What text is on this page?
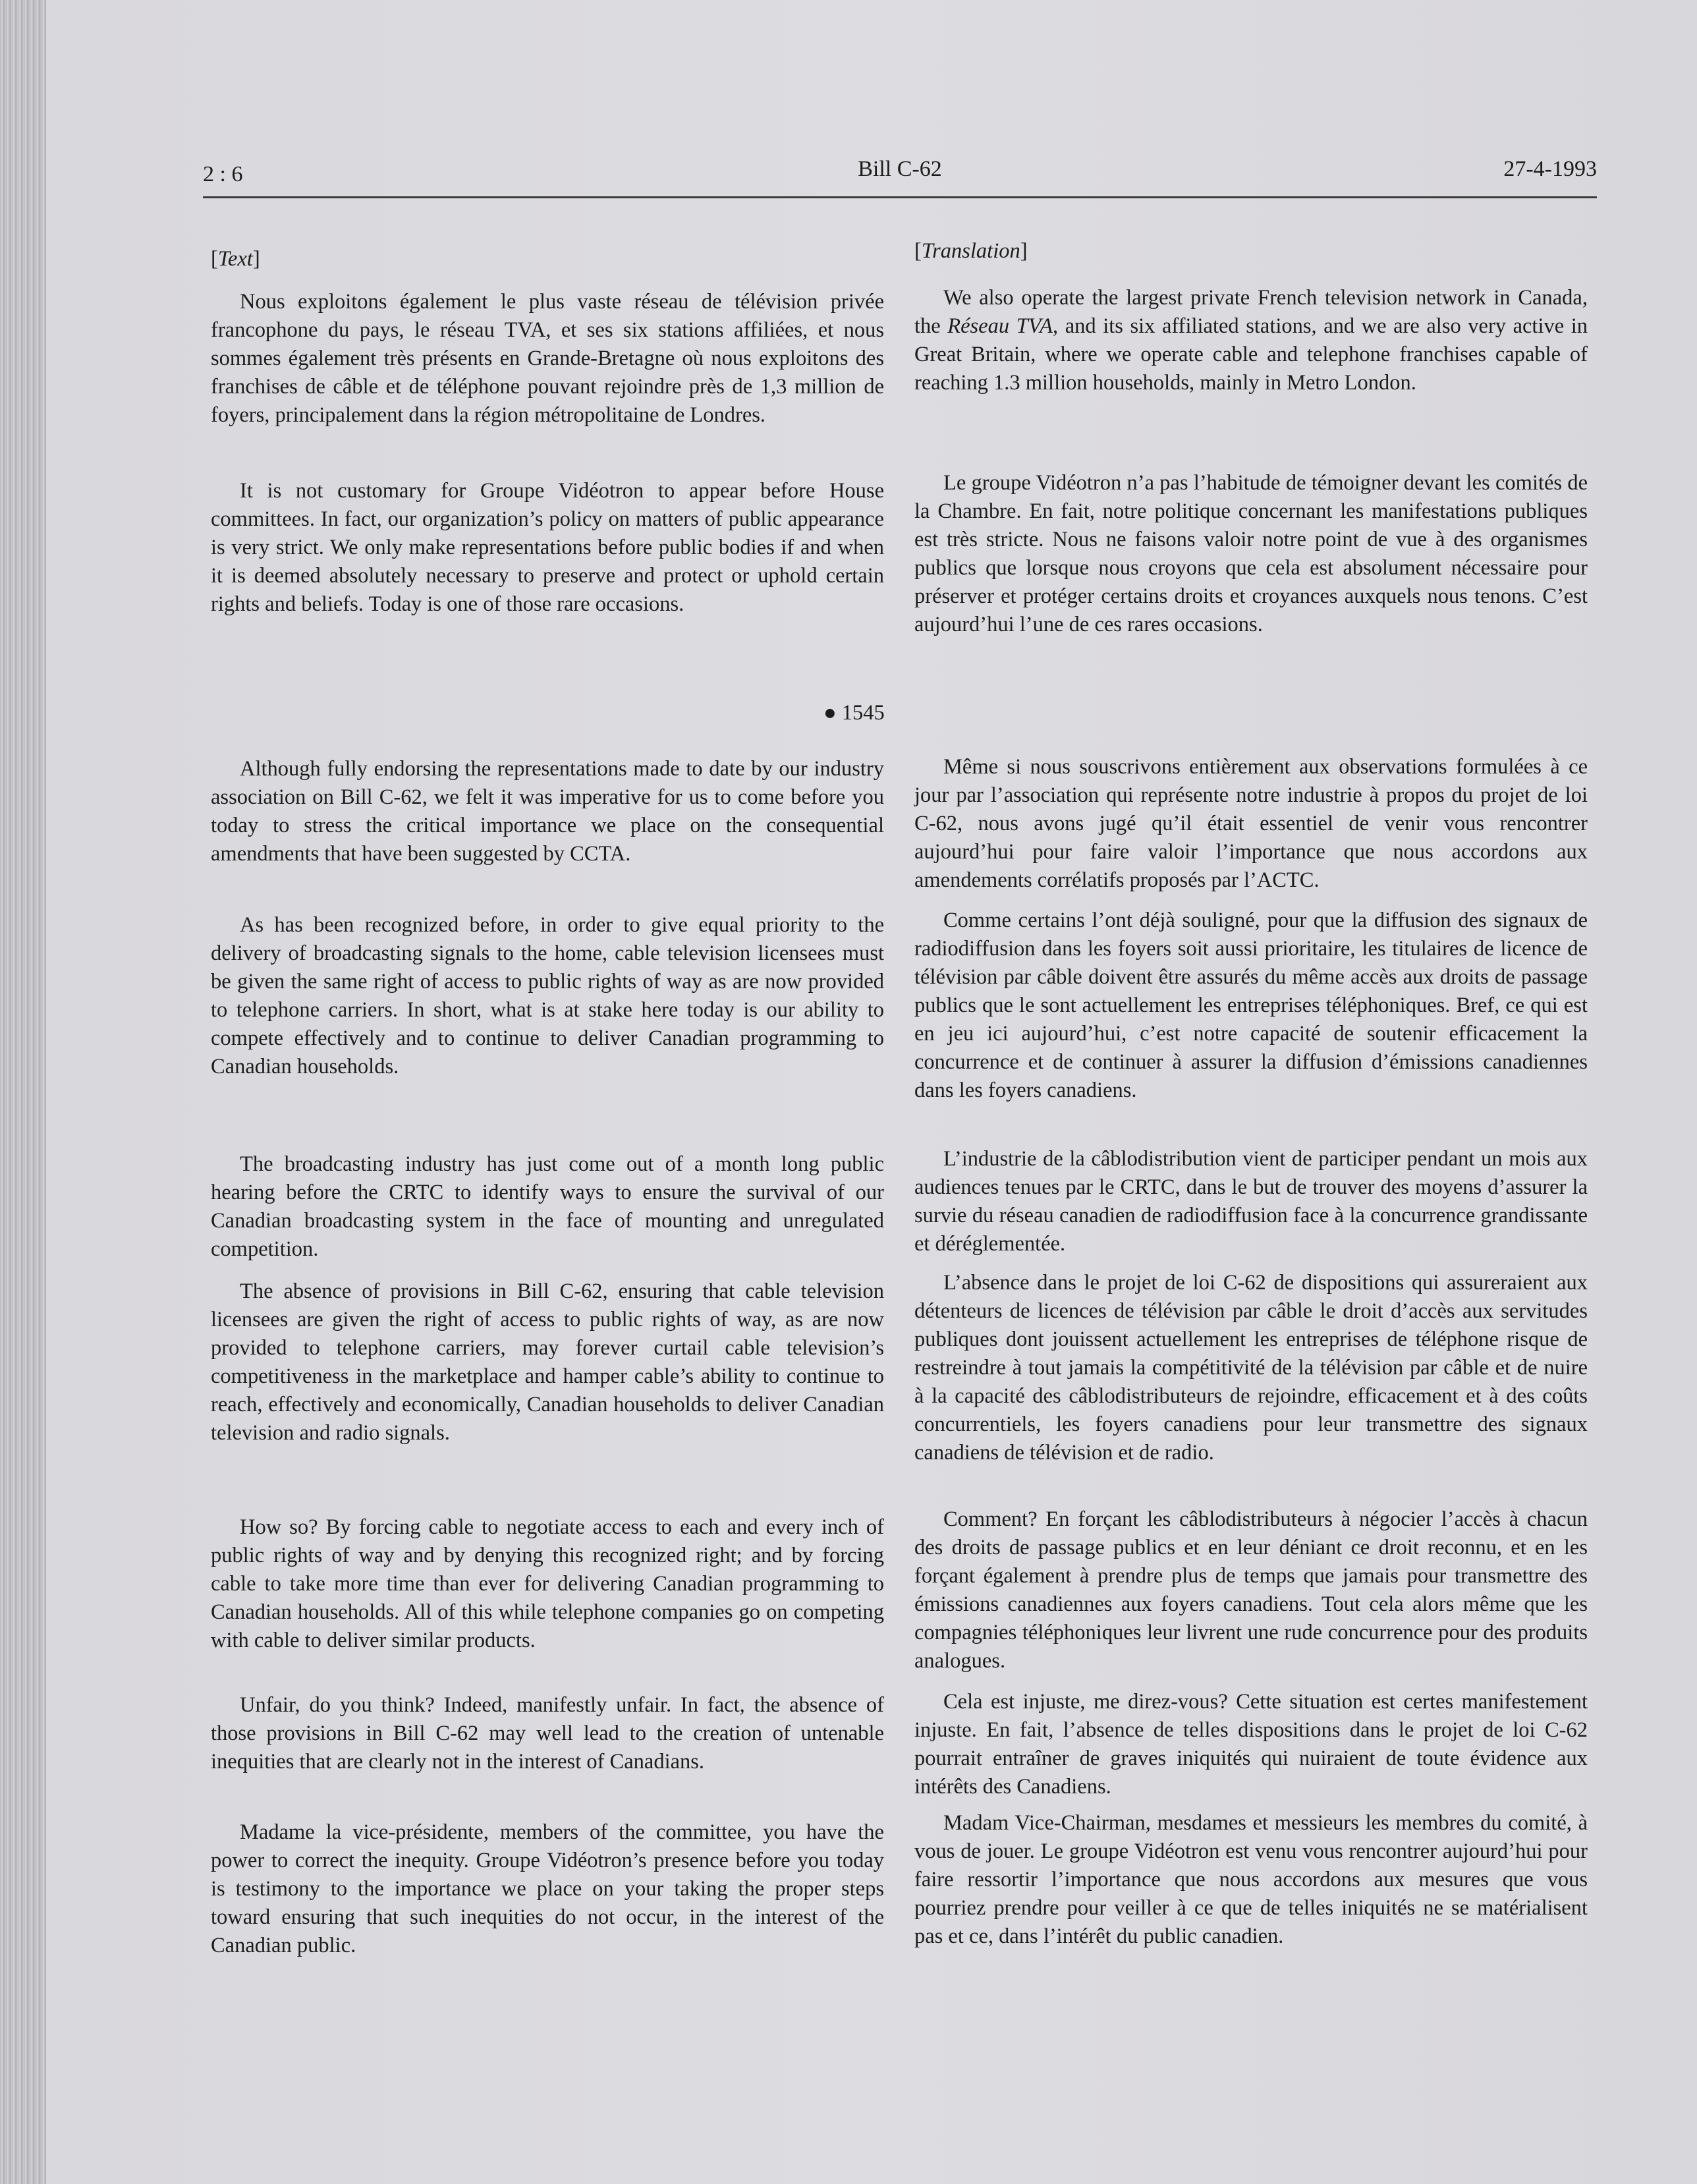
2 : 6	Bill C-62	27-4-1993

[Text]

Nous exploitons également le plus vaste réseau de télévision privée francophone du pays, le réseau TVA, et ses six stations affiliées, et nous sommes également très présents en Grande-Bretagne où nous exploitons des franchises de câble et de téléphone pouvant rejoindre près de 1,3 million de foyers, principalement dans la région métropolitaine de Londres.

It is not customary for Groupe Vidéotron to appear before House committees. In fact, our organization’s policy on matters of public appearance is very strict. We only make representations before public bodies if and when it is deemed absolutely necessary to preserve and protect or uphold certain rights and beliefs. Today is one of those rare occasions.

● 1545

Although fully endorsing the representations made to date by our industry association on Bill C-62, we felt it was imperative for us to come before you today to stress the critical importance we place on the consequential amendments that have been suggested by CCTA.

As has been recognized before, in order to give equal priority to the delivery of broadcasting signals to the home, cable television licensees must be given the same right of access to public rights of way as are now provided to telephone carriers. In short, what is at stake here today is our ability to compete effectively and to continue to deliver Canadian programming to Canadian households.

The broadcasting industry has just come out of a month long public hearing before the CRTC to identify ways to ensure the survival of our Canadian broadcasting system in the face of mounting and unregulated competition.

The absence of provisions in Bill C-62, ensuring that cable television licensees are given the right of access to public rights of way, as are now provided to telephone carriers, may forever curtail cable television’s competitiveness in the marketplace and hamper cable’s ability to continue to reach, effectively and economically, Canadian households to deliver Canadian television and radio signals.

How so? By forcing cable to negotiate access to each and every inch of public rights of way and by denying this recognized right; and by forcing cable to take more time than ever for delivering Canadian programming to Canadian households. All of this while telephone companies go on competing with cable to deliver similar products.

Unfair, do you think? Indeed, manifestly unfair. In fact, the absence of those provisions in Bill C-62 may well lead to the creation of untenable inequities that are clearly not in the interest of Canadians.

Madame la vice-présidente, members of the committee, you have the power to correct the inequity. Groupe Vidéotron’s presence before you today is testimony to the importance we place on your taking the proper steps toward ensuring that such inequities do not occur, in the interest of the Canadian public.

[Translation]

We also operate the largest private French television network in Canada, the Réseau TVA, and its six affiliated stations, and we are also very active in Great Britain, where we operate cable and telephone franchises capable of reaching 1.3 million households, mainly in Metro London.

Le groupe Vidéotron n’a pas l’habitude de témoigner devant les comités de la Chambre. En fait, notre politique concernant les manifestations publiques est très stricte. Nous ne faisons valoir notre point de vue à des organismes publics que lorsque nous croyons que cela est absolument nécessaire pour préserver et protéger certains droits et croyances auxquels nous tenons. C’est aujourd’hui l’une de ces rares occasions.

Même si nous souscrivons entièrement aux observations formulées à ce jour par l’association qui représente notre industrie à propos du projet de loi C-62, nous avons jugé qu’il était essentiel de venir vous rencontrer aujourd’hui pour faire valoir l’importance que nous accordons aux amendements corrélatifs proposés par l’ACTC.

Comme certains l’ont déjà souligné, pour que la diffusion des signaux de radiodiffusion dans les foyers soit aussi prioritaire, les titulaires de licence de télévision par câble doivent être assurés du même accès aux droits de passage publics que le sont actuellement les entreprises téléphoniques. Bref, ce qui est en jeu ici aujourd’hui, c’est notre capacité de soutenir efficacement la concurrence et de continuer à assurer la diffusion d’émissions canadiennes dans les foyers canadiens.

L’industrie de la câblodistribution vient de participer pendant un mois aux audiences tenues par le CRTC, dans le but de trouver des moyens d’assurer la survie du réseau canadien de radiodiffusion face à la concurrence grandissante et déréglementée.

L’absence dans le projet de loi C-62 de dispositions qui assureraient aux détenteurs de licences de télévision par câble le droit d’accès aux servitudes publiques dont jouissent actuellement les entreprises de téléphone risque de restreindre à tout jamais la compétitivité de la télévision par câble et de nuire à la capacité des câblodistributeurs de rejoindre, efficacement et à des coûts concurrentiels, les foyers canadiens pour leur transmettre des signaux canadiens de télévision et de radio.

Comment? En forçant les câblodistributeurs à négocier l’accès à chacun des droits de passage publics et en leur déniant ce droit reconnu, et en les forçant également à prendre plus de temps que jamais pour transmettre des émissions canadiennes aux foyers canadiens. Tout cela alors même que les compagnies téléphoniques leur livrent une rude concurrence pour des produits analogues.

Cela est injuste, me direz-vous? Cette situation est certes manifestement injuste. En fait, l’absence de telles dispositions dans le projet de loi C-62 pourrait entraîner de graves iniquités qui nuiraient de toute évidence aux intérêts des Canadiens.

Madam Vice-Chairman, mesdames et messieurs les membres du comité, à vous de jouer. Le groupe Vidéotron est venu vous rencontrer aujourd’hui pour faire ressortir l’importance que nous accordons aux mesures que vous pourriez prendre pour veiller à ce que de telles iniquités ne se matérialisent pas et ce, dans l’intérêt du public canadien.
